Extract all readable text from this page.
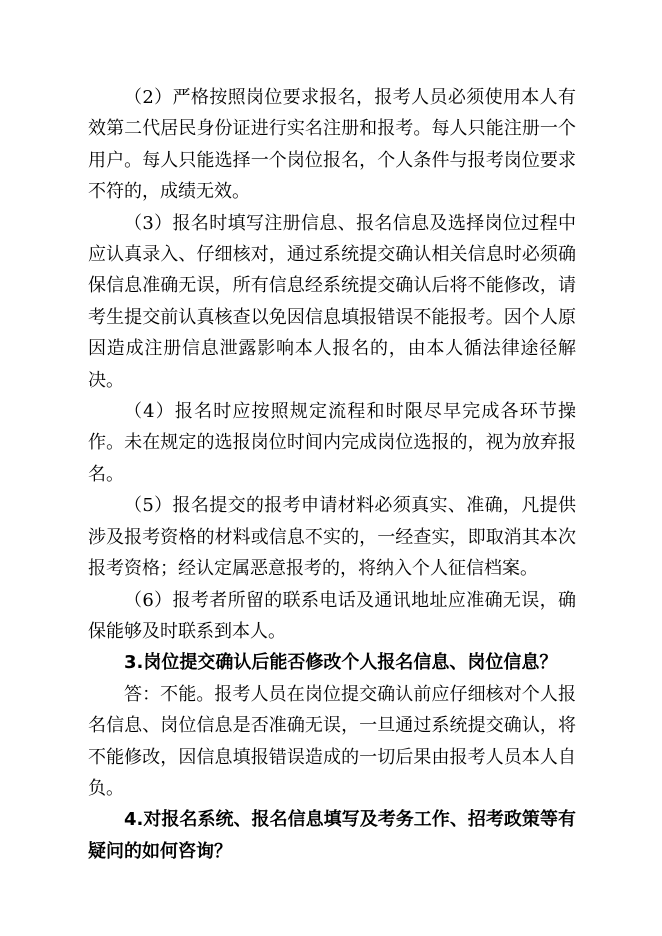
（2）严格按照岗位要求报名，报考人员必须使用本人有效第二代居民身份证进行实名注册和报考。每人只能注册一个用户。每人只能选择一个岗位报名，个人条件与报考岗位要求不符的，成绩无效。

（3）报名时填写注册信息、报名信息及选择岗位过程中应认真录入、仔细核对，通过系统提交确认相关信息时必须确保信息准确无误，所有信息经系统提交确认后将不能修改，请考生提交前认真核查以免因信息填报错误不能报考。因个人原因造成注册信息泄露影响本人报名的，由本人循法律途径解决。

（4）报名时应按照规定流程和时限尽早完成各环节操作。未在规定的选报岗位时间内完成岗位选报的，视为放弃报名。

（5）报名提交的报考申请材料必须真实、准确，凡提供涉及报考资格的材料或信息不实的，一经查实，即取消其本次报考资格；经认定属恶意报考的，将纳入个人征信档案。

（6）报考者所留的联系电话及通讯地址应准确无误，确保能够及时联系到本人。

3.岗位提交确认后能否修改个人报名信息、岗位信息？

答：不能。报考人员在岗位提交确认前应仔细核对个人报名信息、岗位信息是否准确无误，一旦通过系统提交确认，将不能修改，因信息填报错误造成的一切后果由报考人员本人自负。

4.对报名系统、报名信息填写及考务工作、招考政策等有疑问的如何咨询？
